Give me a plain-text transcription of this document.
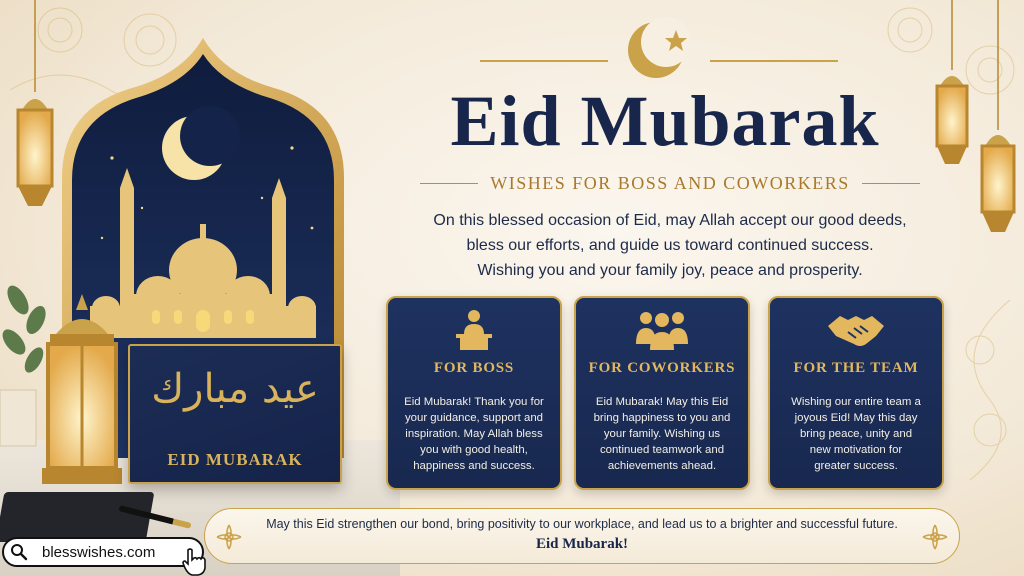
عيد مبارك
EID MUBARAK
Eid Mubarak
WISHES FOR BOSS AND COWORKERS
On this blessed occasion of Eid, may Allah accept our good deeds,
bless our efforts, and guide us toward continued success.
Wishing you and your family joy, peace and prosperity.
FOR BOSS
Eid Mubarak! Thank you for
your guidance, support and
inspiration. May Allah bless
you with good health,
happiness and success.
FOR COWORKERS
Eid Mubarak! May this Eid
bring happiness to you and
your family. Wishing us
continued teamwork and
achievements ahead.
FOR THE TEAM
Wishing our entire team a
joyous Eid! May this day
bring peace, unity and
new motivation for
greater success.
May this Eid strengthen our bond, bring positivity to our workplace, and lead us to a brighter and successful future.
Eid Mubarak!
blesswishes.com
